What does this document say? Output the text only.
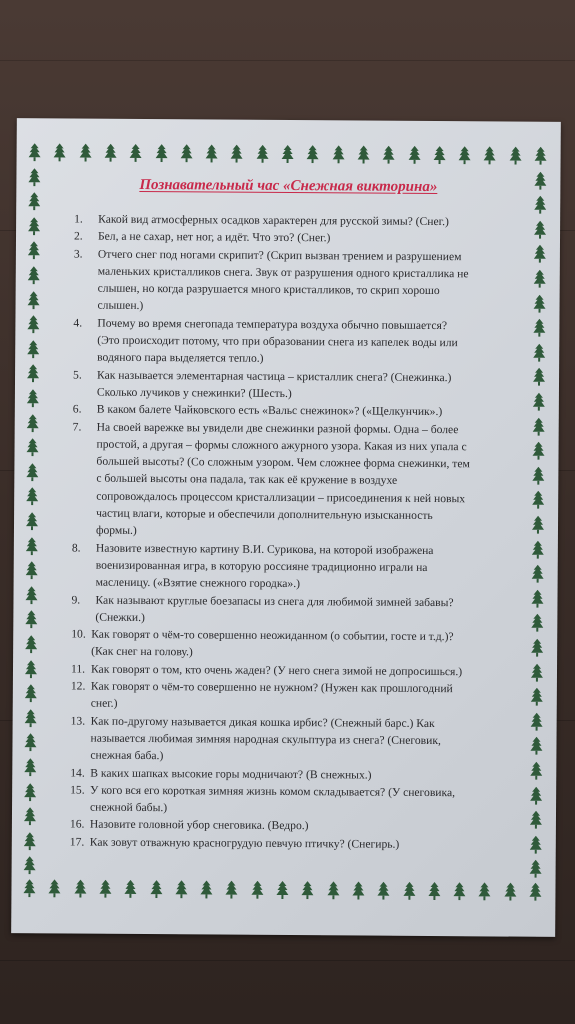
Познавательный час «Снежная викторина»
1. Какой вид атмосферных осадков характерен для русской зимы? (Снег.)
2. Бел, а не сахар, нет ног, а идёт. Что это? (Снег.)
3. Отчего снег под ногами скрипит? (Скрип вызван трением и разрушением
маленьких кристалликов снега. Звук от разрушения одного кристаллика не
слышен, но когда разрушается много кристалликов, то скрип хорошо
слышен.)
4. Почему во время снегопада температура воздуха обычно повышается?
(Это происходит потому, что при образовании снега из капелек воды или
водяного пара выделяется тепло.)
5. Как называется элементарная частица – кристаллик снега? (Снежинка.)
Сколько лучиков у снежинки? (Шесть.)
6. В каком балете Чайковского есть «Вальс снежинок»? («Щелкунчик».)
7. На своей варежке вы увидели две снежинки разной формы. Одна – более
простой, а другая – формы сложного ажурного узора. Какая из них упала с
большей высоты? (Со сложным узором. Чем сложнее форма снежинки, тем
с большей высоты она падала, так как её кружение в воздухе
сопровождалось процессом кристаллизации – присоединения к ней новых
частиц влаги, которые и обеспечили дополнительную изысканность
формы.)
8. Назовите известную картину В.И. Сурикова, на которой изображена
военизированная игра, в которую россияне традиционно играли на
масленицу. («Взятие снежного городка».)
9. Как называют круглые боезапасы из снега для любимой зимней забавы?
(Снежки.)
10. Как говорят о чём-то совершенно неожиданном (о событии, госте и т.д.)?
(Как снег на голову.)
11. Как говорят о том, кто очень жаден? (У него снега зимой не допросишься.)
12. Как говорят о чём-то совершенно не нужном? (Нужен как прошлогодний
снег.)
13. Как по-другому называется дикая кошка ирбис? (Снежный барс.) Как
называется любимая зимняя народная скульптура из снега? (Снеговик,
снежная баба.)
14. В каких шапках высокие горы модничают? (В снежных.)
15. У кого вся его короткая зимняя жизнь комом складывается? (У снеговика,
снежной бабы.)
16. Назовите головной убор снеговика. (Ведро.)
17. Как зовут отважную красногрудую певчую птичку? (Снегирь.)
